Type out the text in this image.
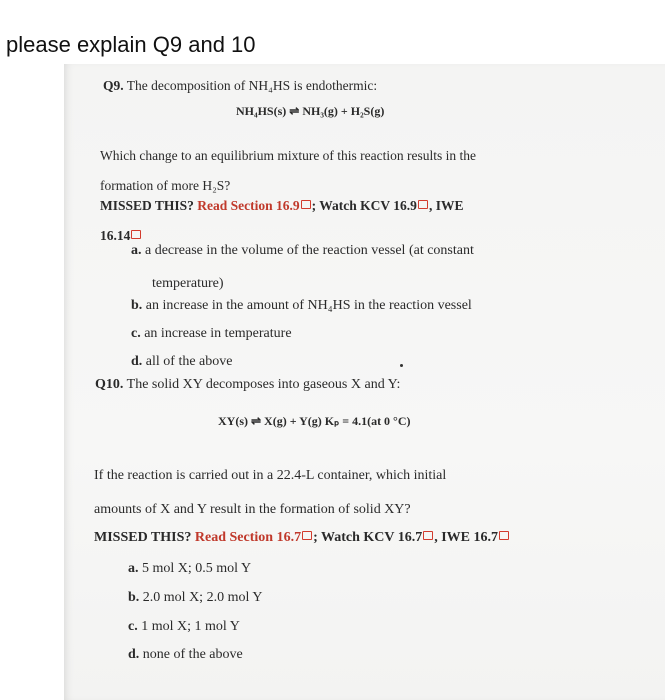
please explain Q9 and 10
Q9. The decomposition of NH₄HS is endothermic:
NH₄HS(s) ⇌ NH₃(g) + H₂S(g)
Which change to an equilibrium mixture of this reaction results in the
formation of more H₂S?
MISSED THIS? Read Section 16.9 ; Watch KCV 16.9 , IWE
16.14
a. a decrease in the volume of the reaction vessel (at constant
temperature)
b. an increase in the amount of NH₄HS in the reaction vessel
c. an increase in temperature
d. all of the above
Q10. The solid XY decomposes into gaseous X and Y:
XY(s) ⇌ X(g) + Y(g) Kₚ = 4.1(at 0 °C)
If the reaction is carried out in a 22.4-L container, which initial
amounts of X and Y result in the formation of solid XY?
MISSED THIS? Read Section 16.7 ; Watch KCV 16.7 , IWE 16.7
a. 5 mol X; 0.5 mol Y
b. 2.0 mol X; 2.0 mol Y
c. 1 mol X; 1 mol Y
d. none of the above
